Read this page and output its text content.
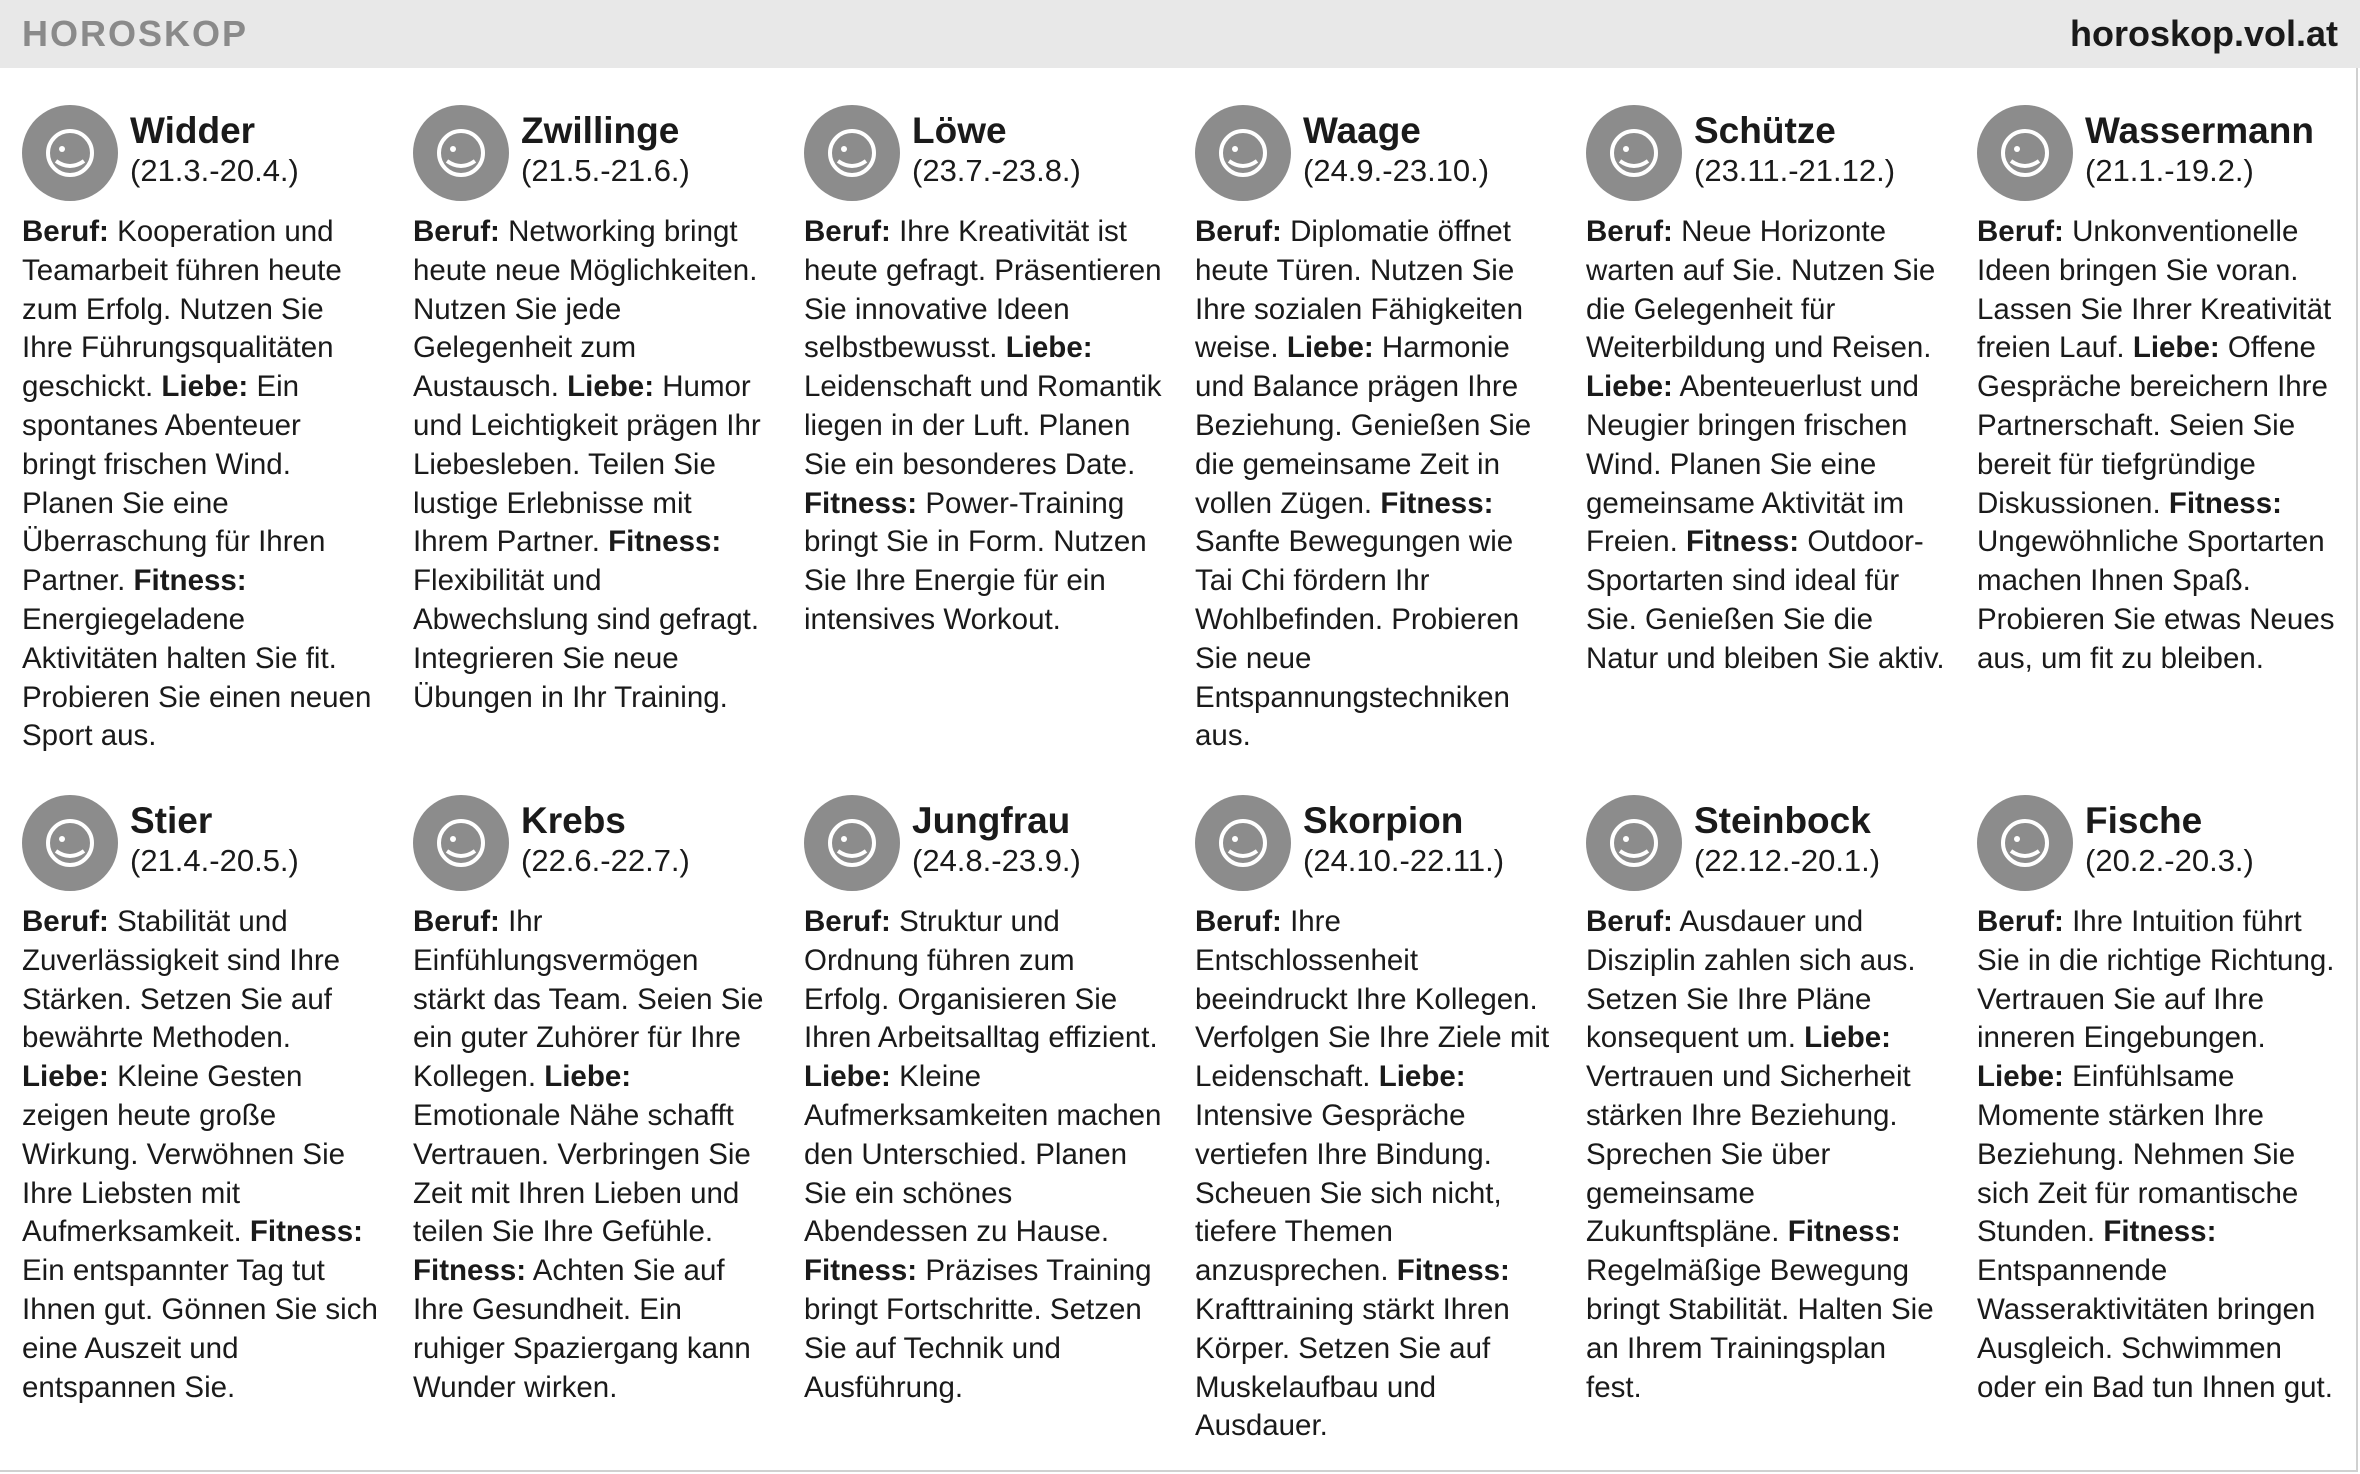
HOROSKOP	horoskop.vol.at
Widder
(21.3.-20.4.)
Beruf: Kooperation und Teamarbeit führen heute zum Erfolg. Nutzen Sie Ihre Führungsqualitäten geschickt. Liebe: Ein spontanes Abenteuer bringt frischen Wind. Planen Sie eine Überraschung für Ihren Partner. Fitness: Energiegeladene Aktivitäten halten Sie fit. Probieren Sie einen neuen Sport aus.
Zwillinge
(21.5.-21.6.)
Beruf: Networking bringt heute neue Möglichkeiten. Nutzen Sie jede Gelegenheit zum Austausch. Liebe: Humor und Leichtigkeit prägen Ihr Liebesleben. Teilen Sie lustige Erlebnisse mit Ihrem Partner. Fitness: Flexibilität und Abwechslung sind gefragt. Integrieren Sie neue Übungen in Ihr Training.
Löwe
(23.7.-23.8.)
Beruf: Ihre Kreativität ist heute gefragt. Präsentieren Sie innovative Ideen selbstbewusst. Liebe: Leidenschaft und Romantik liegen in der Luft. Planen Sie ein besonderes Date. Fitness: Power-Training bringt Sie in Form. Nutzen Sie Ihre Energie für ein intensives Workout.
Waage
(24.9.-23.10.)
Beruf: Diplomatie öffnet heute Türen. Nutzen Sie Ihre sozialen Fähigkeiten weise. Liebe: Harmonie und Balance prägen Ihre Beziehung. Genießen Sie die gemeinsame Zeit in vollen Zügen. Fitness: Sanfte Bewegungen wie Tai Chi fördern Ihr Wohlbefinden. Probieren Sie neue Entspannungstechniken aus.
Schütze
(23.11.-21.12.)
Beruf: Neue Horizonte warten auf Sie. Nutzen Sie die Gelegenheit für Weiterbildung und Reisen. Liebe: Abenteuerlust und Neugier bringen frischen Wind. Planen Sie eine gemeinsame Aktivität im Freien. Fitness: Outdoor-Sportarten sind ideal für Sie. Genießen Sie die Natur und bleiben Sie aktiv.
Wassermann
(21.1.-19.2.)
Beruf: Unkonventionelle Ideen bringen Sie voran. Lassen Sie Ihrer Kreativität freien Lauf. Liebe: Offene Gespräche bereichern Ihre Partnerschaft. Seien Sie bereit für tiefgründige Diskussionen. Fitness: Ungewöhnliche Sportarten machen Ihnen Spaß. Probieren Sie etwas Neues aus, um fit zu bleiben.
Stier
(21.4.-20.5.)
Beruf: Stabilität und Zuverlässigkeit sind Ihre Stärken. Setzen Sie auf bewährte Methoden. Liebe: Kleine Gesten zeigen heute große Wirkung. Verwöhnen Sie Ihre Liebsten mit Aufmerksamkeit. Fitness: Ein entspannter Tag tut Ihnen gut. Gönnen Sie sich eine Auszeit und entspannen Sie.
Krebs
(22.6.-22.7.)
Beruf: Ihr Einfühlungsvermögen stärkt das Team. Seien Sie ein guter Zuhörer für Ihre Kollegen. Liebe: Emotionale Nähe schafft Vertrauen. Verbringen Sie Zeit mit Ihren Lieben und teilen Sie Ihre Gefühle. Fitness: Achten Sie auf Ihre Gesundheit. Ein ruhiger Spaziergang kann Wunder wirken.
Jungfrau
(24.8.-23.9.)
Beruf: Struktur und Ordnung führen zum Erfolg. Organisieren Sie Ihren Arbeitsalltag effizient. Liebe: Kleine Aufmerksamkeiten machen den Unterschied. Planen Sie ein schönes Abendessen zu Hause. Fitness: Präzises Training bringt Fortschritte. Setzen Sie auf Technik und Ausführung.
Skorpion
(24.10.-22.11.)
Beruf: Ihre Entschlossenheit beeindruckt Ihre Kollegen. Verfolgen Sie Ihre Ziele mit Leidenschaft. Liebe: Intensive Gespräche vertiefen Ihre Bindung. Scheuen Sie sich nicht, tiefere Themen anzusprechen. Fitness: Krafttraining stärkt Ihren Körper. Setzen Sie auf Muskelaufbau und Ausdauer.
Steinbock
(22.12.-20.1.)
Beruf: Ausdauer und Disziplin zahlen sich aus. Setzen Sie Ihre Pläne konsequent um. Liebe: Vertrauen und Sicherheit stärken Ihre Beziehung. Sprechen Sie über gemeinsame Zukunftspläne. Fitness: Regelmäßige Bewegung bringt Stabilität. Halten Sie an Ihrem Trainingsplan fest.
Fische
(20.2.-20.3.)
Beruf: Ihre Intuition führt Sie in die richtige Richtung. Vertrauen Sie auf Ihre inneren Eingebungen. Liebe: Einfühlsame Momente stärken Ihre Beziehung. Nehmen Sie sich Zeit für romantische Stunden. Fitness: Entspannende Wasseraktivitäten bringen Ausgleich. Schwimmen oder ein Bad tun Ihnen gut.
